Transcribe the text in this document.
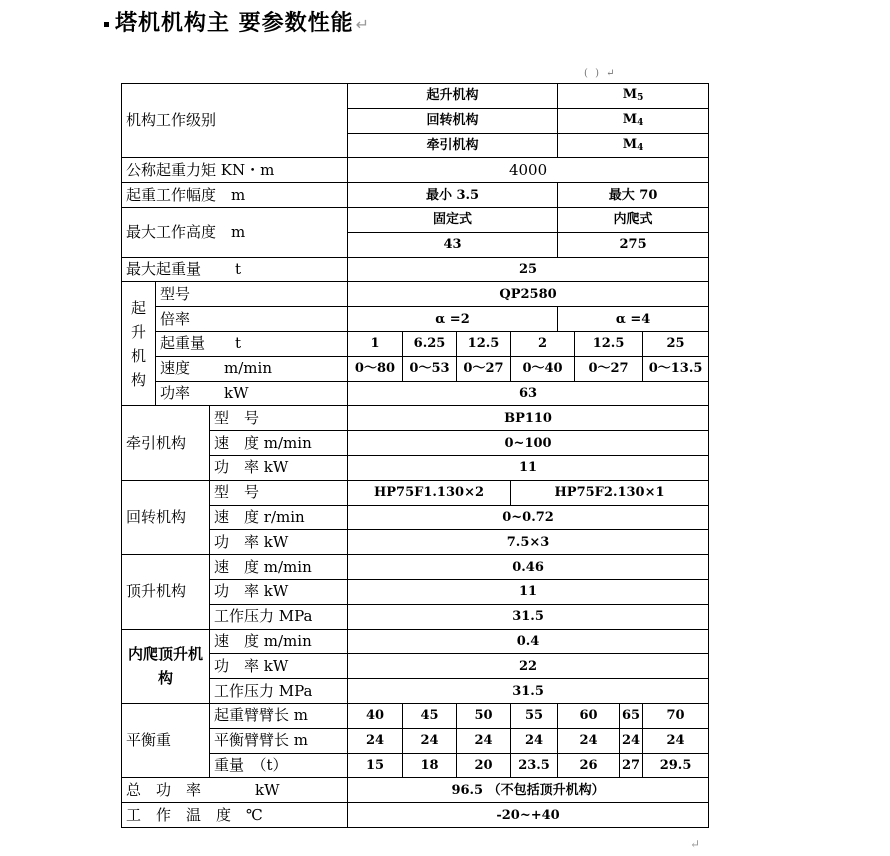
塔机机构主 要参数性能 ↵
( ) ↵
机构工作级别			起升机构				$M_5$
			回转机构				$M_4$
			牵引机构				$M_4$
公称起重力矩 KN・m			4000							
起重工作幅度　m			最小 3.5				最大 70			
最大工作高度　m			固定式				内爬式			
			43				275			
最大起重量 t			25							
起
升
机
构	型号		QP2580							
	倍率		α =2				α =4			
	起重量 t		1	6.25	12.5	2		12.5		25
	速度 m/min		0～80	0～53	0～27	0～40		0～27		0～13.5
	功率 kW		63							
牵引机构		型　号	BP110							
		速　度 m/min	0~100							
		功　率 kW	11							
回转机构		型　号	HP75F1.130×2			HP75F2.130×1				
		速　度 r/min	0~0.72							
		功　率 kW	7.5×3							
顶升机构		速　度 m/min	0.46							
		功　率 kW	11							
		工作压力 MPa	31.5							

内爬顶升机构		速　度 m/min	0.4							
		功　率 kW	22							
		工作压力 MPa	31.5							
平衡重		起重臂臂长 m	40	45	50	55	60		65	70
		平衡臂臂长 m	24	24	24	24	24		24	24
		重量　（t）	15	18	20	23.5	26		27	29.5
总　功　率 kW			96.5 （不包括顶升机构）							
工　作　温　度　℃			-20~+40							
↵
